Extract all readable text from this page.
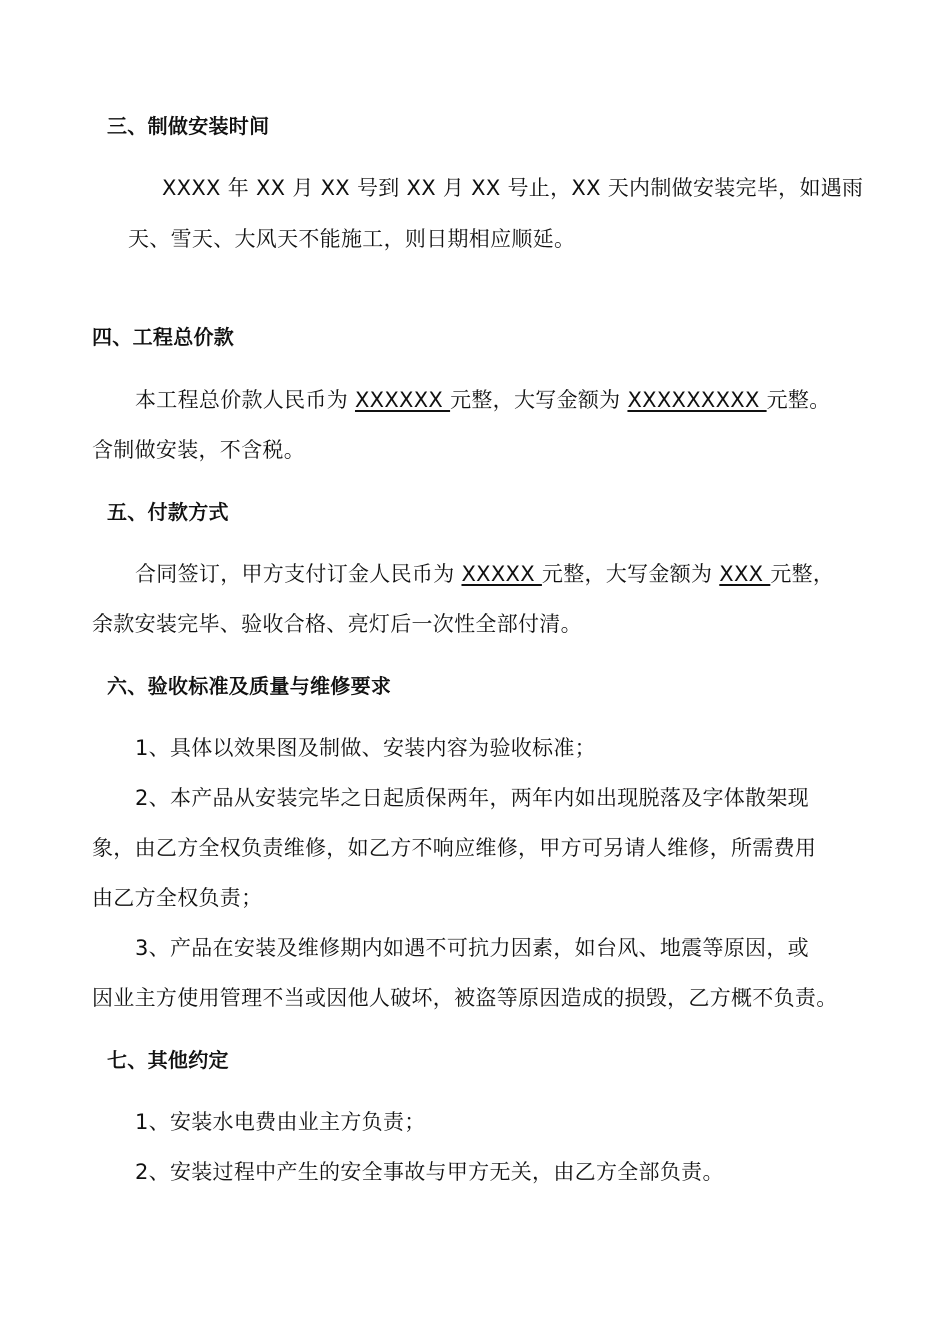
三、制做安装时间
XXXX 年 XX 月 XX 号到 XX 月 XX 号止，XX 天内制做安装完毕，如遇雨
天、雪天、大风天不能施工，则日期相应顺延。
四、工程总价款
本工程总价款人民币为 XXXXXX 元整，大写金额为 XXXXXXXXX 元整。
含制做安装，不含税。
五、付款方式
合同签订，甲方支付订金人民币为 XXXXX 元整，大写金额为 XXX 元整，
余款安装完毕、验收合格、亮灯后一次性全部付清。
六、验收标准及质量与维修要求
1、具体以效果图及制做、安装内容为验收标准；
2、本产品从安装完毕之日起质保两年，两年内如出现脱落及字体散架现
象，由乙方全权负责维修，如乙方不响应维修，甲方可另请人维修，所需费用
由乙方全权负责；
3、产品在安装及维修期内如遇不可抗力因素，如台风、地震等原因，或
因业主方使用管理不当或因他人破坏，被盗等原因造成的损毁，乙方概不负责。
七、其他约定
1、安装水电费由业主方负责；
2、安装过程中产生的安全事故与甲方无关，由乙方全部负责。
